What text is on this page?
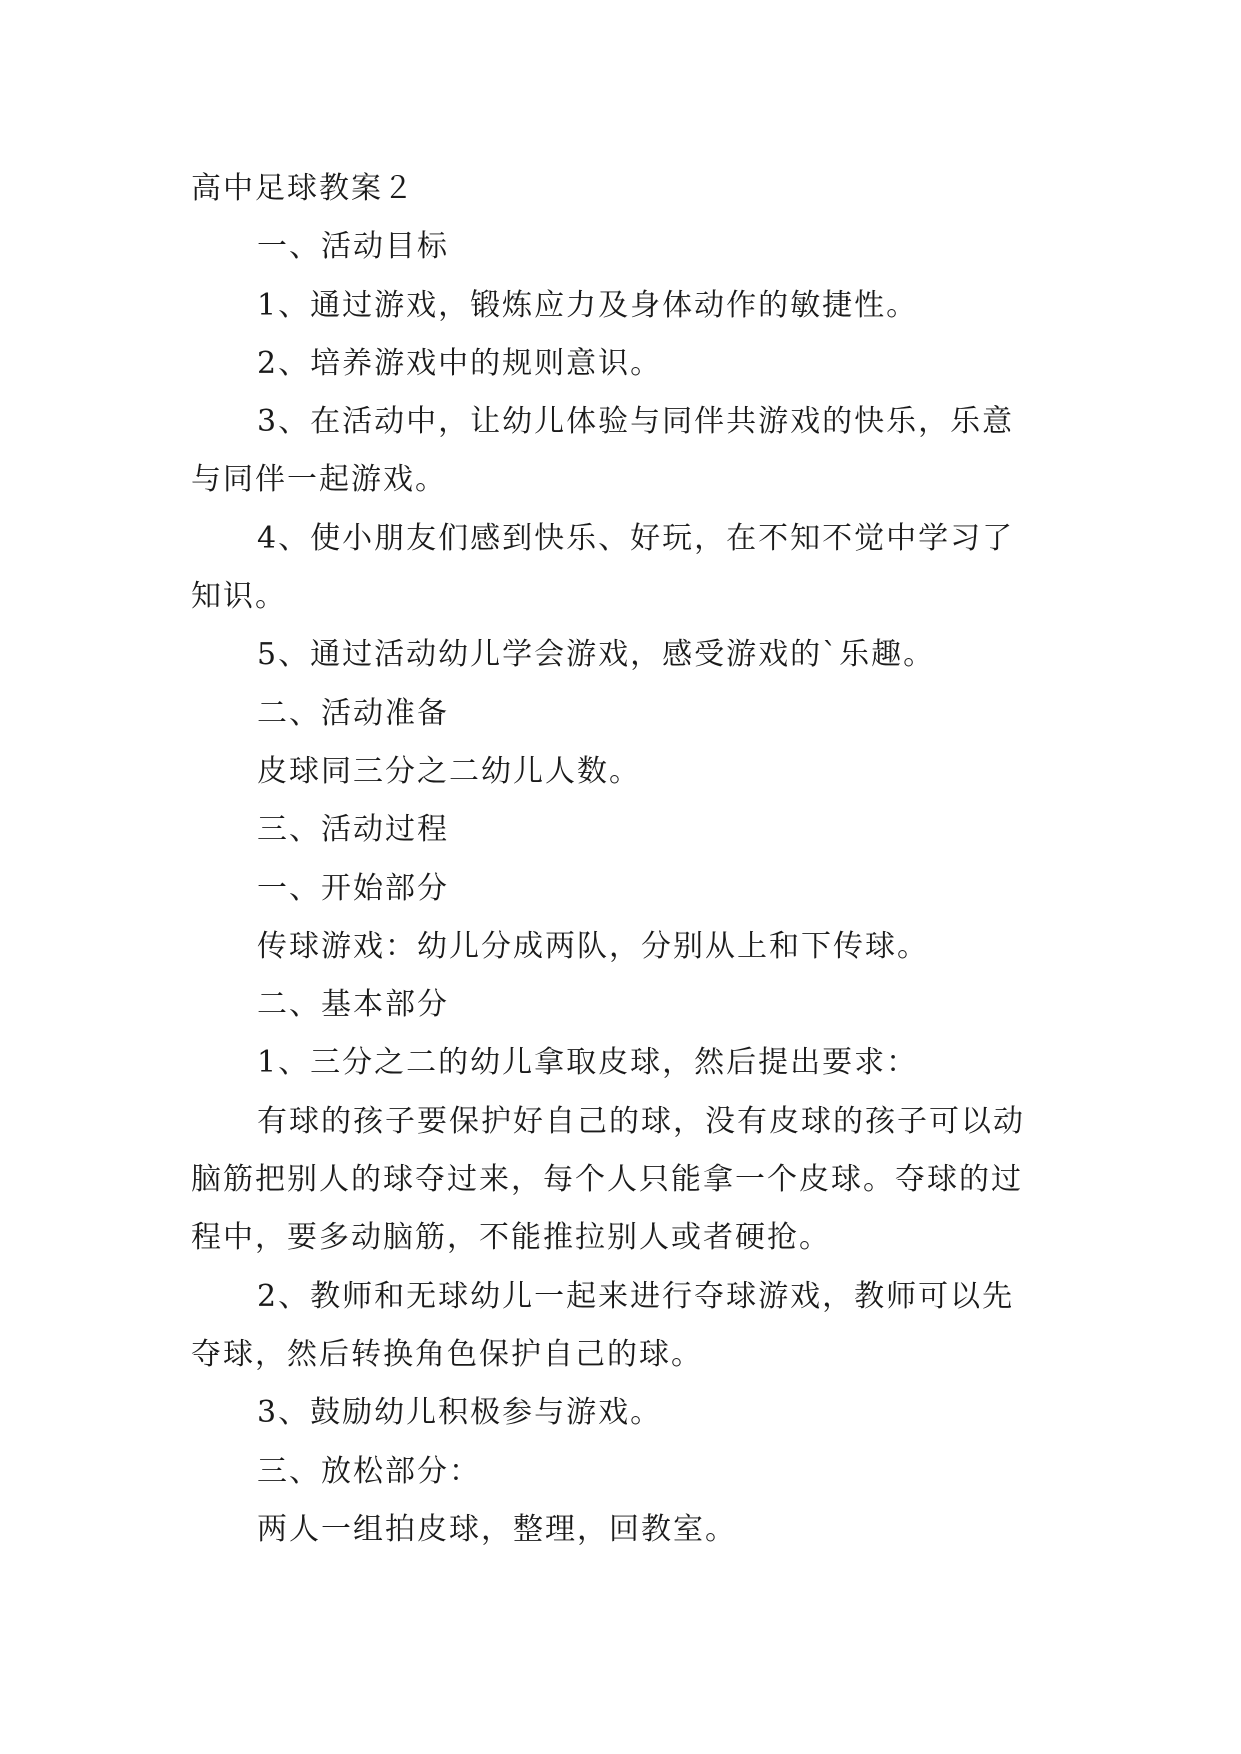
高中足球教案２
一、活动目标
1、通过游戏，锻炼应力及身体动作的敏捷性。
2、培养游戏中的规则意识。
3、在活动中，让幼儿体验与同伴共游戏的快乐，乐意
与同伴一起游戏。
4、使小朋友们感到快乐、好玩，在不知不觉中学习了
知识。
5、通过活动幼儿学会游戏，感受游戏的`乐趣。
二、活动准备
皮球同三分之二幼儿人数。
三、活动过程
一、开始部分
传球游戏：幼儿分成两队，分别从上和下传球。
二、基本部分
1、三分之二的幼儿拿取皮球，然后提出要求：
有球的孩子要保护好自己的球，没有皮球的孩子可以动
脑筋把别人的球夺过来，每个人只能拿一个皮球。夺球的过
程中，要多动脑筋，不能推拉别人或者硬抢。
2、教师和无球幼儿一起来进行夺球游戏，教师可以先
夺球，然后转换角色保护自己的球。
3、鼓励幼儿积极参与游戏。
三、放松部分：
两人一组拍皮球，整理，回教室。
